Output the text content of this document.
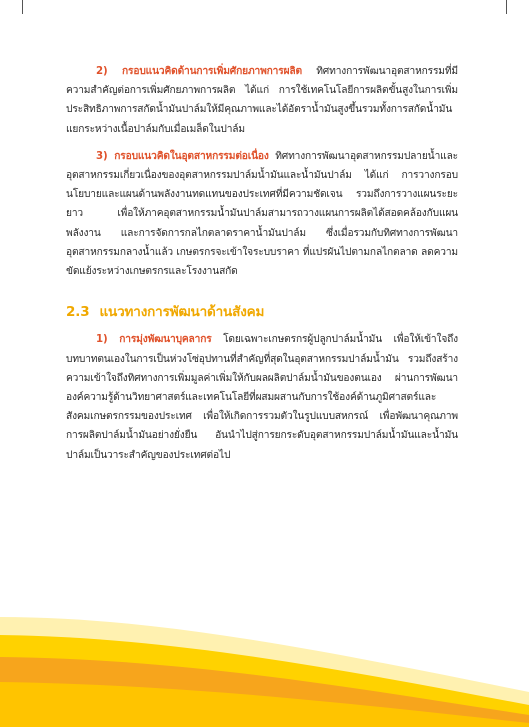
2) กรอบแนวคิดด้านการเพิ่มศักยภาพการผลิต ทิศทางการพัฒนาอุตสาหกรรมที่มีความสำคัญต่อการเพิ่มศักยภาพการผลิต ได้แก่ การใช้เทคโนโลยีการผลิตขั้นสูงในการเพิ่มประสิทธิภาพการสกัดน้ำมันปาล์มให้มีคุณภาพและได้อัตราน้ำมันสูงขึ้นรวมทั้งการสกัดน้ำมันแยกระหว่างเนื้อปาล์มกับเมื่อเมล็ดในปาล์ม

3) กรอบแนวคิดในอุตสาหกรรมต่อเนื่อง ทิศทางการพัฒนาอุตสาหกรรมปลายน้ำและอุตสาหกรรมเกี่ยวเนื่องของอุตสาหกรรมปาล์มน้ำมันและน้ำมันปาล์ม ได้แก่ การวางกรอบนโยบายและแผนด้านพลังงานทดแทนของประเทศที่มีความชัดเจน รวมถึงการวางแผนระยะยาว เพื่อให้ภาคอุตสาหกรรมน้ำมันปาล์มสามารถวางแผนการผลิตได้สอดคล้องกับแผนพลังงาน และการจัดการกลไกตลาดราคาน้ำมันปาล์ม ซึ่งเมื่อรวมกับทิศทางการพัฒนาอุตสาหกรรมกลางน้ำแล้ว เกษตรกรจะเข้าใจระบบราคา ที่แปรผันไปตามกลไกตลาด ลดความขัดแย้งระหว่างเกษตรกรและโรงงานสกัด

2.3 แนวทางการพัฒนาด้านสังคม

1) การมุ่งพัฒนาบุคลากร โดยเฉพาะเกษตรกรผู้ปลูกปาล์มน้ำมัน เพื่อให้เข้าใจถึงบทบาทตนเองในการเป็นห่วงโซ่อุปทานที่สำคัญที่สุดในอุตสาหกรรมปาล์มน้ำมัน รวมถึงสร้างความเข้าใจถึงทิศทางการเพิ่มมูลค่าเพิ่มให้กับผลผลิตปาล์มน้ำมันของตนเอง ผ่านการพัฒนาองค์ความรู้ด้านวิทยาศาสตร์และเทคโนโลยีที่ผสมผสานกับการใช้องค์ด้านภูมิศาสตร์และสังคมเกษตรกรรมของประเทศ เพื่อให้เกิดการรวมตัวในรูปแบบสหกรณ์ เพื่อพัฒนาคุณภาพการผลิตปาล์มน้ำมันอย่างยั่งยืน อันนำไปสู่การยกระดับอุตสาหกรรมปาล์มน้ำมันและน้ำมันปาล์มเป็นวาระสำคัญของประเทศต่อไป
